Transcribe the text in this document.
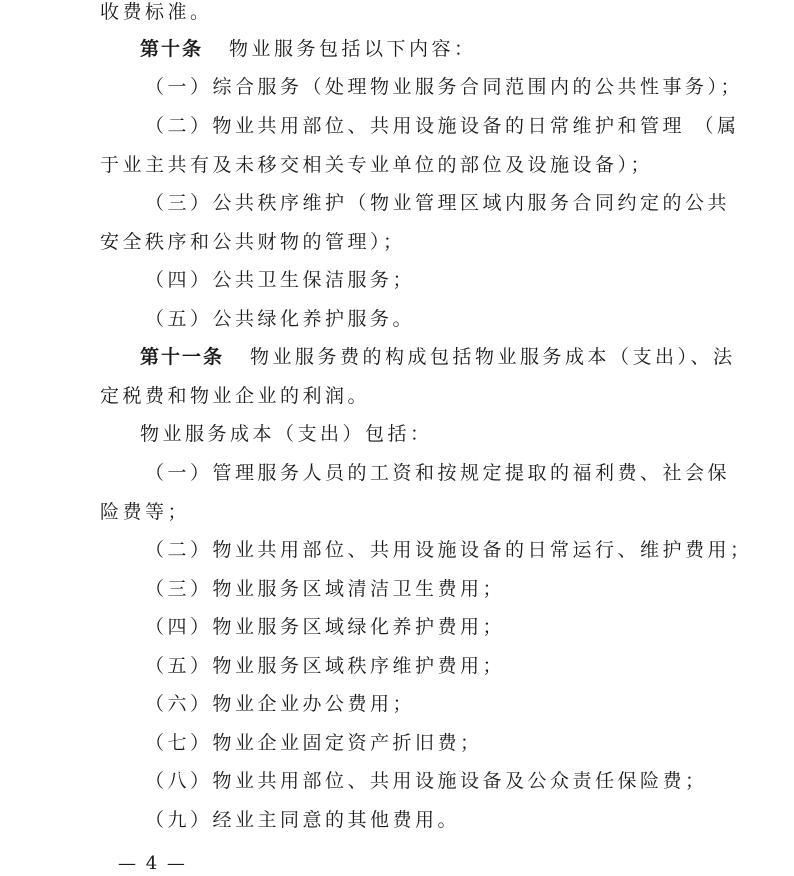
收费标准。
第十条 物业服务包括以下内容：
（一）综合服务（处理物业服务合同范围内的公共性事务）；
（二）物业共用部位、共用设施设备的日常维护和管理 （属
于业主共有及未移交相关专业单位的部位及设施设备）；
（三）公共秩序维护（物业管理区域内服务合同约定的公共
安全秩序和公共财物的管理）；
（四）公共卫生保洁服务；
（五）公共绿化养护服务。
第十一条 物业服务费的构成包括物业服务成本（支出）、法
定税费和物业企业的利润。
物业服务成本（支出）包括：
（一）管理服务人员的工资和按规定提取的福利费、社会保
险费等；
（二）物业共用部位、共用设施设备的日常运行、维护费用；
（三）物业服务区域清洁卫生费用；
（四）物业服务区域绿化养护费用；
（五）物业服务区域秩序维护费用；
（六）物业企业办公费用；
（七）物业企业固定资产折旧费；
（八）物业共用部位、共用设施设备及公众责任保险费；
（九）经业主同意的其他费用。
— 4 —
